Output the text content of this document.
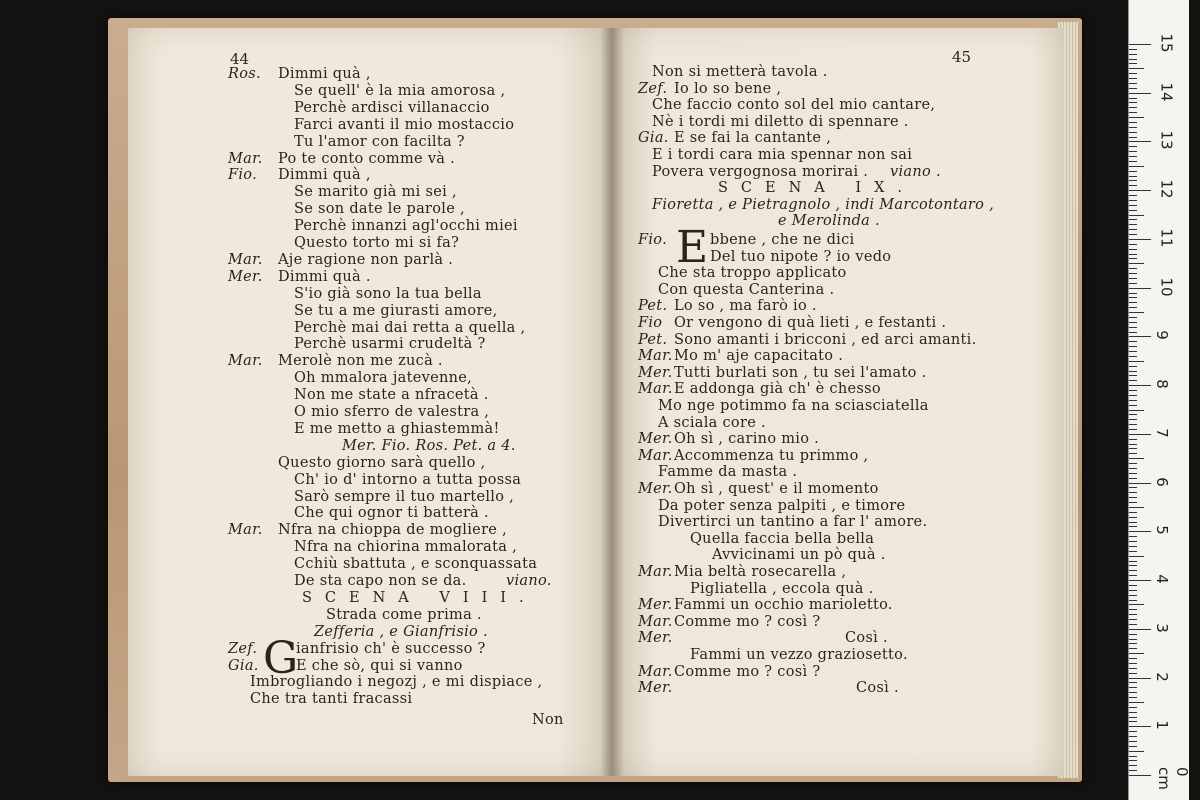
44	45
Ros. Dimmi quà ,
Se quell' è la mia amorosa ,
Perchè ardisci villanaccio
Farci avanti il mio mostaccio
Tu l'amor con facilta ?
Mar. Po te conto comme và .
Fio. Dimmi quà ,
Se marito già mi sei ,
Se son date le parole ,
Perchè innanzi agl'occhi miei
Questo torto mi si fa?
Mar. Aje ragione non parlà .
Mer. Dimmi quà .
S'io già sono la tua bella
Se tu a me giurasti amore,
Perchè mai dai retta a quella ,
Perchè usarmi crudeltà ?
Mar. Merolè non me zucà .
Oh mmalora jatevenne,
Non me state a nfracetà .
O mio sferro de valestra ,
E me metto a ghiastemmà!
Mer. Fio. Ros. Pet. a 4.
Questo giorno sarà quello ,
Ch' io d' intorno a tutta possa
Sarò sempre il tuo martello ,
Che qui ognor ti batterà .
Mar. Nfra na chioppa de mogliere ,
Nfra na chiorina mmalorata ,
Cchiù sbattuta , e sconquassata
De sta capo non se da.	viano.
SCENA VIII.
Strada come prima .
Zefferia , e Gianfrisio .
G
Zef.	ianfrisio ch' è successo ?
Gia.	E che sò, qui si vanno
Imbrogliando i negozj , e mi dispiace ,
Che tra tanti fracassi
Non
Non si metterà tavola .
Zef. Io lo so bene ,
Che faccio conto sol del mio cantare,
Nè i tordi mi diletto di spennare .
Gia. E se fai la cantante ,
E i tordi cara mia spennar non sai
Povera vergognosa morirai . viano .
SCENA IX.
Fioretta , e Pietragnolo , indi Marcotontaro ,
e Merolinda .
E
Fio.	bbene , che ne dici
Del tuo nipote ? io vedo
Che sta troppo applicato
Con questa Canterina .
Pet. Lo so , ma farò io .
Fio Or vengono di quà lieti , e festanti .
Pet. Sono amanti i bricconi , ed arci amanti.
Mar. Mo m' aje capacitato .
Mer. Tutti burlati son , tu sei l'amato .
Mar. E addonga già ch' è chesso
Mo nge potimmo fa na sciasciatella
A sciala core .
Mer. Oh sì , carino mio .
Mar. Accommenza tu primmo ,
Famme da masta .
Mer. Oh sì , quest' e il momento
Da poter senza palpiti , e timore
Divertirci un tantino a far l' amore.
Quella faccia bella bella
Avvicinami un pò quà .
Mar. Mia beltà rosecarella ,
Pigliatella , eccola quà .
Mer. Fammi un occhio marioletto.
Mar. Comme mo ? così ?
Mer.	Così .
Fammi un vezzo graziosetto.
Mar. Comme mo ? così ?
Mer.	Così .
15
14
13
12
11
10
9
8
7
6
5
4
3
2
1
0 cm
